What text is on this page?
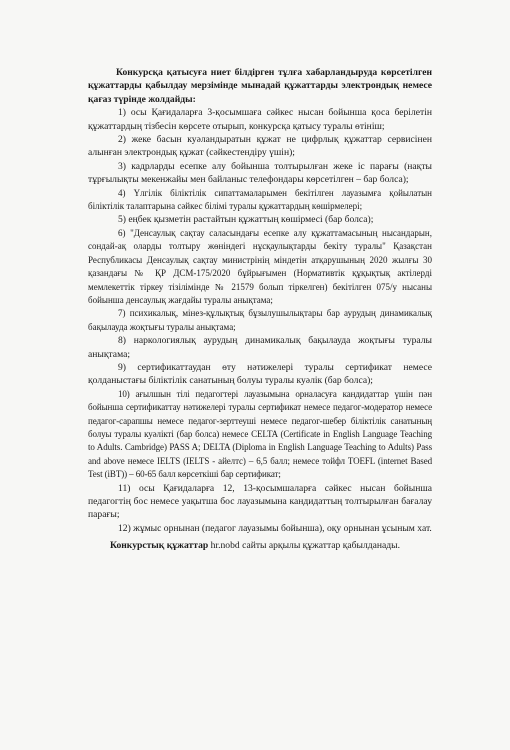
Конкурсқа қатысуға ниет білдірген тұлға хабарландыруда көрсетілген құжаттарды қабылдау мерзімінде мынадай құжаттарды электрондық немесе қағаз түрінде жолдайды:

1) осы Қағидаларға 3-қосымшаға сәйкес нысан бойынша қоса берілетін құжаттардың тізбесін көрсете отырып, конкурсқа қатысу туралы өтініш;

2) жеке басын куәландыратын құжат не цифрлық құжаттар сервисінен алынған электрондық құжат (сәйкестендіру үшін);

3) кадрларды есепке алу бойынша толтырылған жеке іс парағы (нақты тұрғылықты мекенжайы мен байланыс телефондары көрсетілген – бар болса);

4) Үлгілік біліктілік сипаттамаларымен бекітілген лауазымға қойылатын біліктілік талаптарына сәйкес білімі туралы құжаттардың көшірмелері;

5) еңбек қызметін растайтын құжаттың көшірмесі (бар болса);

6) "Денсаулық сақтау саласындағы есепке алу құжаттамасының нысандарын, сондай-ақ оларды толтыру жөніндегі нұсқаулықтарды бекіту туралы" Қазақстан Республикасы Денсаулық сақтау министрінің міндетін атқарушының 2020 жылғы 30 қазандағы № ҚР ДСМ-175/2020 бұйрығымен (Нормативтік құқықтық актілерді мемлекеттік тіркеу тізілімінде № 21579 болып тіркелген) бекітілген 075/у нысаны бойынша денсаулық жағдайы туралы анықтама;

7) психикалық, мінез-құлықтық бұзылушылықтары бар аурудың динамикалық бақылауда жоқтығы туралы анықтама;

8) наркологиялық аурудың динамикалық бақылауда жоқтығы туралы анықтама;

9) сертификаттаудан өту нәтижелері туралы сертификат немесе қолданыстағы біліктілік санатының болуы туралы куәлік (бар болса);

10) ағылшын тілі педагогтері лауазымына орналасуға кандидаттар үшін пән бойынша сертификаттау нәтижелері туралы сертификат немесе педагог-модератор немесе педагог-сарапшы немесе педагог-зерттеуші немесе педагог-шебер біліктілік санатының болуы туралы куәлікті (бар болса) немесе CELTA (Certificate in English Language Teaching to Adults. Cambridge) PASS A; DELTA (Diploma in English Language Teaching to Adults) Pass and above немесе IELTS (IELTS - айелтс) – 6,5 балл; немесе тойфл TOEFL (internet Based Test (iBT)) – 60-65 балл көрсеткіші бар сертификат;

11) осы Қағидаларға 12, 13-қосымшаларға сәйкес нысан бойынша педагогтің бос немесе уақытша бос лауазымына кандидаттың толтырылған бағалау парағы;

12) жұмыс орнынан (педагог лауазымы бойынша), оқу орнынан ұсыным хат.

Конкурстық құжаттар hr.nobd сайты арқылы құжаттар қабылданады.
